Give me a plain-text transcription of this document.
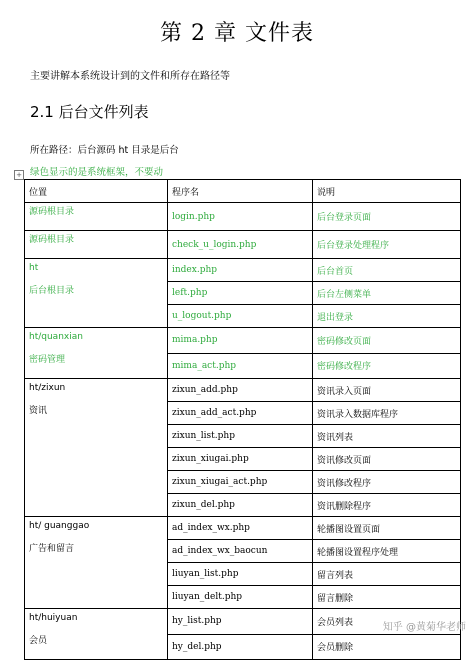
第 2 章 文件表
主要讲解本系统设计到的文件和所存在路径等
2.1 后台文件列表
所在路径：后台源码 ht 目录是后台
+ 绿色显示的是系统框架，不要动
位置	程序名	说明

源码根目录	login.php	后台登录页面

源码根目录	check_u_login.php	后台登录处理程序

ht
后台根目录	index.php	后台首页
	left.php	后台左侧菜单
	u_logout.php	退出登录

ht/quanxian
密码管理	mima.php	密码修改页面
	mima_act.php	密码修改程序

ht/zixun
资讯	zixun_add.php	资讯录入页面
	zixun_add_act.php	资讯录入数据库程序
	zixun_list.php	资讯列表
	zixun_xiugai.php	资讯修改页面
	zixun_xiugai_act.php	资讯修改程序
	zixun_del.php	资讯删除程序

ht/ guanggao
广告和留言	ad_index_wx.php	轮播图设置页面
	ad_index_wx_baocun	轮播图设置程序处理
	liuyan_list.php	留言列表
	liuyan_delt.php	留言删除

ht/huiyuan
会员	hy_list.php	会员列表
	hy_del.php	会员删除
知乎 @黄菊华老师
